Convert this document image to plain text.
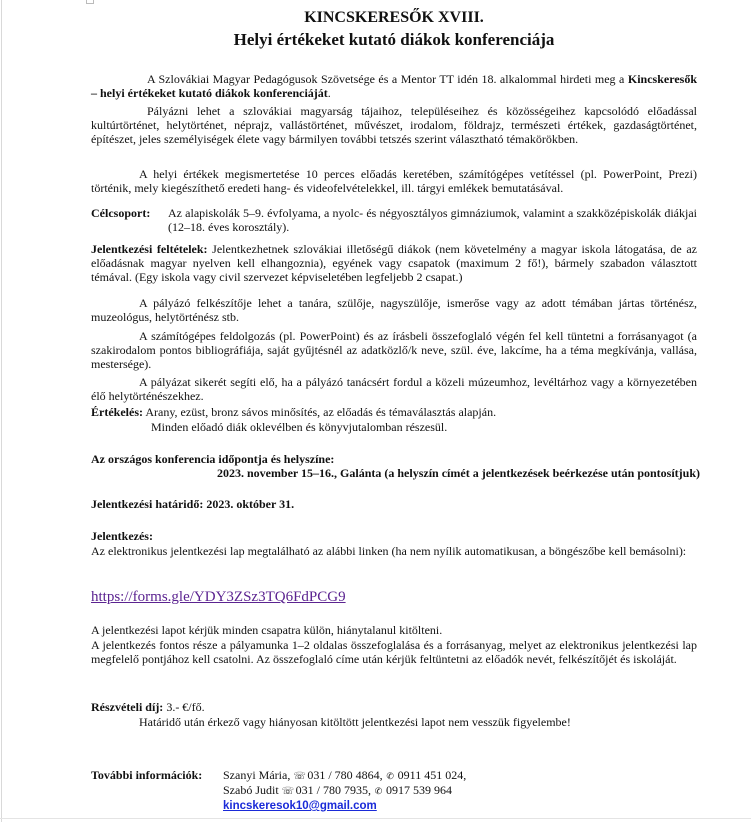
KINCSKERESŐK XVIII.
Helyi értékeket kutató diákok konferenciája

A Szlovákiai Magyar Pedagógusok Szövetsége és a Mentor TT idén 18. alkalommal hirdeti meg a Kincskeresők – helyi értékeket kutató diákok konferenciáját.

Pályázni lehet a szlovákiai magyarság tájaihoz, településeihez és közösségeihez kapcsolódó előadással kultúrtörténet, helytörténet, néprajz, vallástörténet, művészet, irodalom, földrajz, természeti értékek, gazdaságtörténet, építészet, jeles személyiségek élete vagy bármilyen további tetszés szerint választható témakörökben.

A helyi értékek megismertetése 10 perces előadás keretében, számítógépes vetítéssel (pl. PowerPoint, Prezi) történik, mely kiegészíthető eredeti hang- és videofelvételekkel, ill. tárgyi emlékek bemutatásával.

Célcsoport:	Az alapiskolák 5–9. évfolyama, a nyolc- és négyosztályos gimnáziumok, valamint a szakközépiskolák diákjai (12–18. éves korosztály).

Jelentkezési feltételek: Jelentkezhetnek szlovákiai illetőségű diákok (nem követelmény a magyar iskola látogatása, de az előadásnak magyar nyelven kell elhangoznia), egyének vagy csapatok (maximum 2 fő!), bármely szabadon választott témával. (Egy iskola vagy civil szervezet képviseletében legfeljebb 2 csapat.)

A pályázó felkészítője lehet a tanára, szülője, nagyszülője, ismerőse vagy az adott témában jártas történész, muzeológus, helytörténész stb.

A számítógépes feldolgozás (pl. PowerPoint) és az írásbeli összefoglaló végén fel kell tüntetni a forrásanyagot (a szakirodalom pontos bibliográfiája, saját gyűjtésnél az adatközlő/k neve, szül. éve, lakcíme, ha a téma megkívánja, vallása, mestersége).

A pályázat sikerét segíti elő, ha a pályázó tanácsért fordul a közeli múzeumhoz, levéltárhoz vagy a környezetében élő helytörténészekhez.

Értékelés: Arany, ezüst, bronz sávos minősítés, az előadás és témaválasztás alapján.

Minden előadó diák oklevélben és könyvjutalomban részesül.

Az országos konferencia időpontja és helyszíne:

2023. november 15–16., Galánta (a helyszín címét a jelentkezések beérkezése után pontosítjuk)

Jelentkezési határidő: 2023. október 31.

Jelentkezés:

Az elektronikus jelentkezési lap megtalálható az alábbi linken (ha nem nyílik automatikusan, a böngészőbe kell bemásolni):

https://forms.gle/YDY3ZSz3TQ6FdPCG9

A jelentkezési lapot kérjük minden csapatra külön, hiánytalanul kitölteni.

A jelentkezés fontos része a pályamunka 1–2 oldalas összefoglalása és a forrásanyag, melyet az elektronikus jelentkezési lap megfelelő pontjához kell csatolni. Az összefoglaló címe után kérjük feltüntetni az előadók nevét, felkészítőjét és iskoláját.

Részvételi díj: 3.- €/fő.

Határidő után érkező vagy hiányosan kitöltött jelentkezési lapot nem vesszük figyelembe!

További információk:	Szanyi Mária, ☏ 031 / 780 4864, ✆ 0911 451 024,

Szabó Judit ☏ 031 / 780 7935, ✆ 0917 539 964

kincskeresok10@gmail.com
